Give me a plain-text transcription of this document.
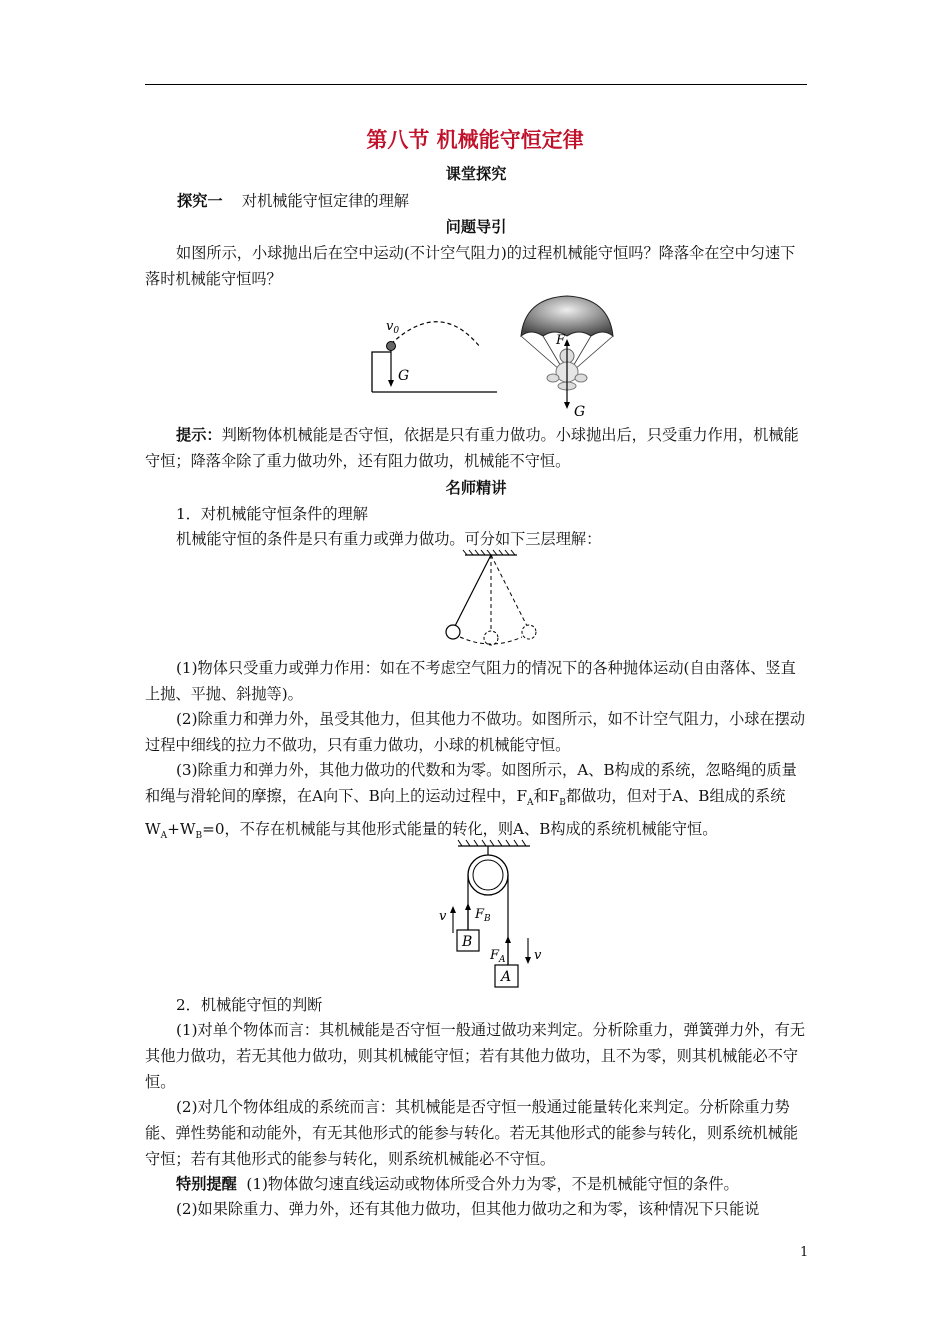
第八节 机械能守恒定律

课堂探究

探究一 对机械能守恒定律的理解

问题导引

如图所示，小球抛出后在空中运动(不计空气阻力)的过程机械能守恒吗？降落伞在空中匀速下落时机械能守恒吗？

$v_0$
G
F
G

提示：判断物体机械能是否守恒，依据是只有重力做功。小球抛出后，只受重力作用，机械能守恒；降落伞除了重力做功外，还有阻力做功，机械能不守恒。

名师精讲

1．对机械能守恒条件的理解

机械能守恒的条件是只有重力或弹力做功。可分如下三层理解：

(1)物体只受重力或弹力作用：如在不考虑空气阻力的情况下的各种抛体运动(自由落体、竖直上抛、平抛、斜抛等)。

(2)除重力和弹力外，虽受其他力，但其他力不做功。如图所示，如不计空气阻力，小球在摆动过程中细线的拉力不做功，只有重力做功，小球的机械能守恒。

(3)除重力和弹力外，其他力做功的代数和为零。如图所示，A、B构成的系统，忽略绳的质量和绳与滑轮间的摩擦，在A向下、B向上的运动过程中，$F_A$和$F_B$都做功，但对于A、B组成的系统$W_A+W_B=0$，不存在机械能与其他形式能量的转化，则A、B构成的系统机械能守恒。

v $F_B$
B
$F_A$ v
A

2．机械能守恒的判断

(1)对单个物体而言：其机械能是否守恒一般通过做功来判定。分析除重力，弹簧弹力外，有无其他力做功，若无其他力做功，则其机械能守恒；若有其他力做功，且不为零，则其机械能必不守恒。

(2)对几个物体组成的系统而言：其机械能是否守恒一般通过能量转化来判定。分析除重力势能、弹性势能和动能外，有无其他形式的能参与转化。若无其他形式的能参与转化，则系统机械能守恒；若有其他形式的能参与转化，则系统机械能必不守恒。

特别提醒 (1)物体做匀速直线运动或物体所受合外力为零，不是机械能守恒的条件。

(2)如果除重力、弹力外，还有其他力做功，但其他力做功之和为零，该种情况下只能说

1
